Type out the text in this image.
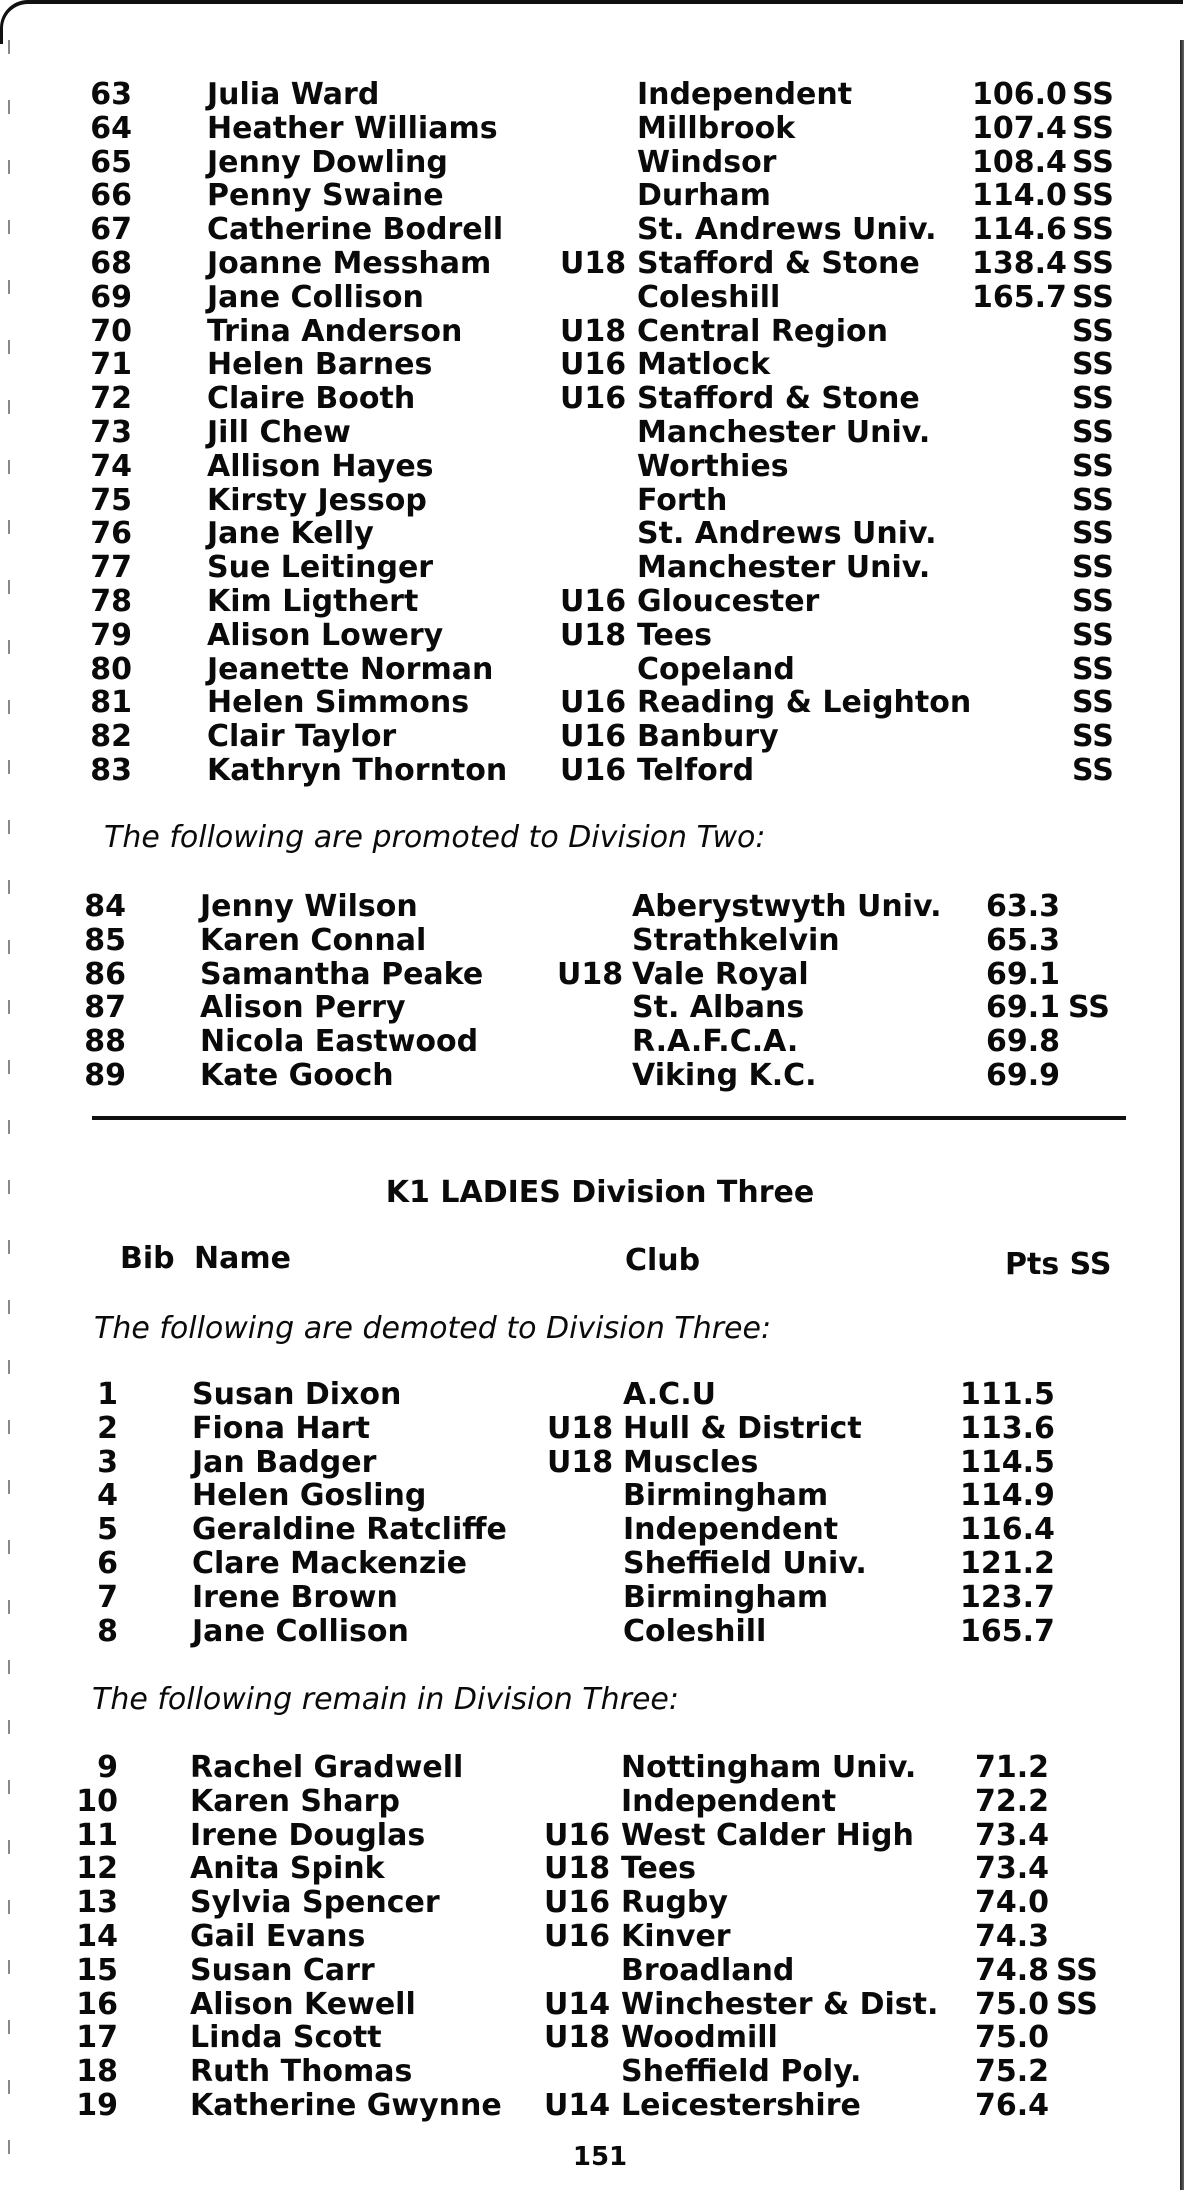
63	Julia Ward	Independent	106.0 SS
64	Heather Williams	Millbrook	107.4 SS
65	Jenny Dowling	Windsor	108.4 SS
66	Penny Swaine	Durham	114.0 SS
67	Catherine Bodrell	St. Andrews Univ. 114.6 SS
68	Joanne Messham U18 Stafford & Stone 138.4 SS
69	Jane Collison	Coleshill	165.7 SS
70	Trina Anderson	U18 Central Region	SS
71	Helen Barnes	U16 Matlock	SS
72	Claire Booth	U16 Stafford & Stone	SS
73	Jill Chew	Manchester Univ.	SS
74	Allison Hayes	Worthies	SS
75	Kirsty Jessop	Forth	SS
76	Jane Kelly	St. Andrews Univ.	SS
77	Sue Leitinger	Manchester Univ.	SS
78	Kim Ligthert	U16 Gloucester	SS
79	Alison Lowery	U18 Tees	SS
80	Jeanette Norman	Copeland	SS
81	Helen Simmons	U16 Reading & Leighton	SS
82	Clair Taylor	U16 Banbury	SS
83	Kathryn Thornton U16 Telford	SS
The following are promoted to Division Two:
84 Jenny Wilson	Aberystwyth Univ. 63.3
85 Karen Connal	Strathkelvin	65.3
86 Samantha Peake U18 Vale Royal	69.1
87 Alison Perry	St. Albans	69.1 SS
88 Nicola Eastwood	R.A.F.C.A.	69.8
89 Kate Gooch	Viking K.C.	69.9
K1 LADIES Division Three
Bib Name	Club	Pts SS
The following are demoted to Division Three:
1 Susan Dixon	A.C.U	111.5
2 Fiona Hart	U18 Hull & District	113.6
3 Jan Badger	U18 Muscles	114.5
4 Helen Gosling	Birmingham	114.9
5 Geraldine Ratcliffe	Independent	116.4
6 Clare Mackenzie	Sheffield Univ.	121.2
7 Irene Brown	Birmingham	123.7
8 Jane Collison	Coleshill	165.7
The following remain in Division Three:
9 Rachel Gradwell	Nottingham Univ. 71.2
10 Karen Sharp	Independent	72.2
11 Irene Douglas	U16 West Calder High 73.4
12 Anita Spink	U18 Tees	73.4
13 Sylvia Spencer	U16 Rugby	74.0
14 Gail Evans	U16 Kinver	74.3
15 Susan Carr	Broadland	74.8 SS
16 Alison Kewell	U14 Winchester & Dist. 75.0 SS
17 Linda Scott	U18 Woodmill	75.0
18 Ruth Thomas	Sheffield Poly.	75.2
19 Katherine Gwynne U14 Leicestershire	76.4
151
